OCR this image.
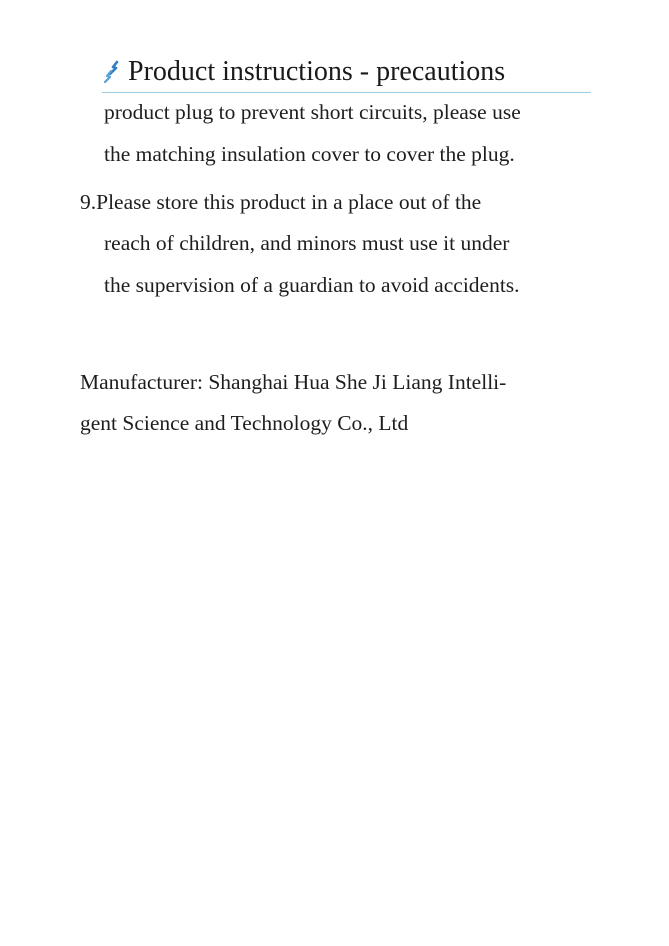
Product instructions - precautions
product plug to prevent short circuits, please use
the matching insulation cover to cover the plug.
9.Please store this product in a place out of the
reach of children, and minors must use it under
the supervision of a guardian to avoid accidents.
Manufacturer: Shanghai Hua She Ji Liang Intelli-
gent Science and Technology Co., Ltd
